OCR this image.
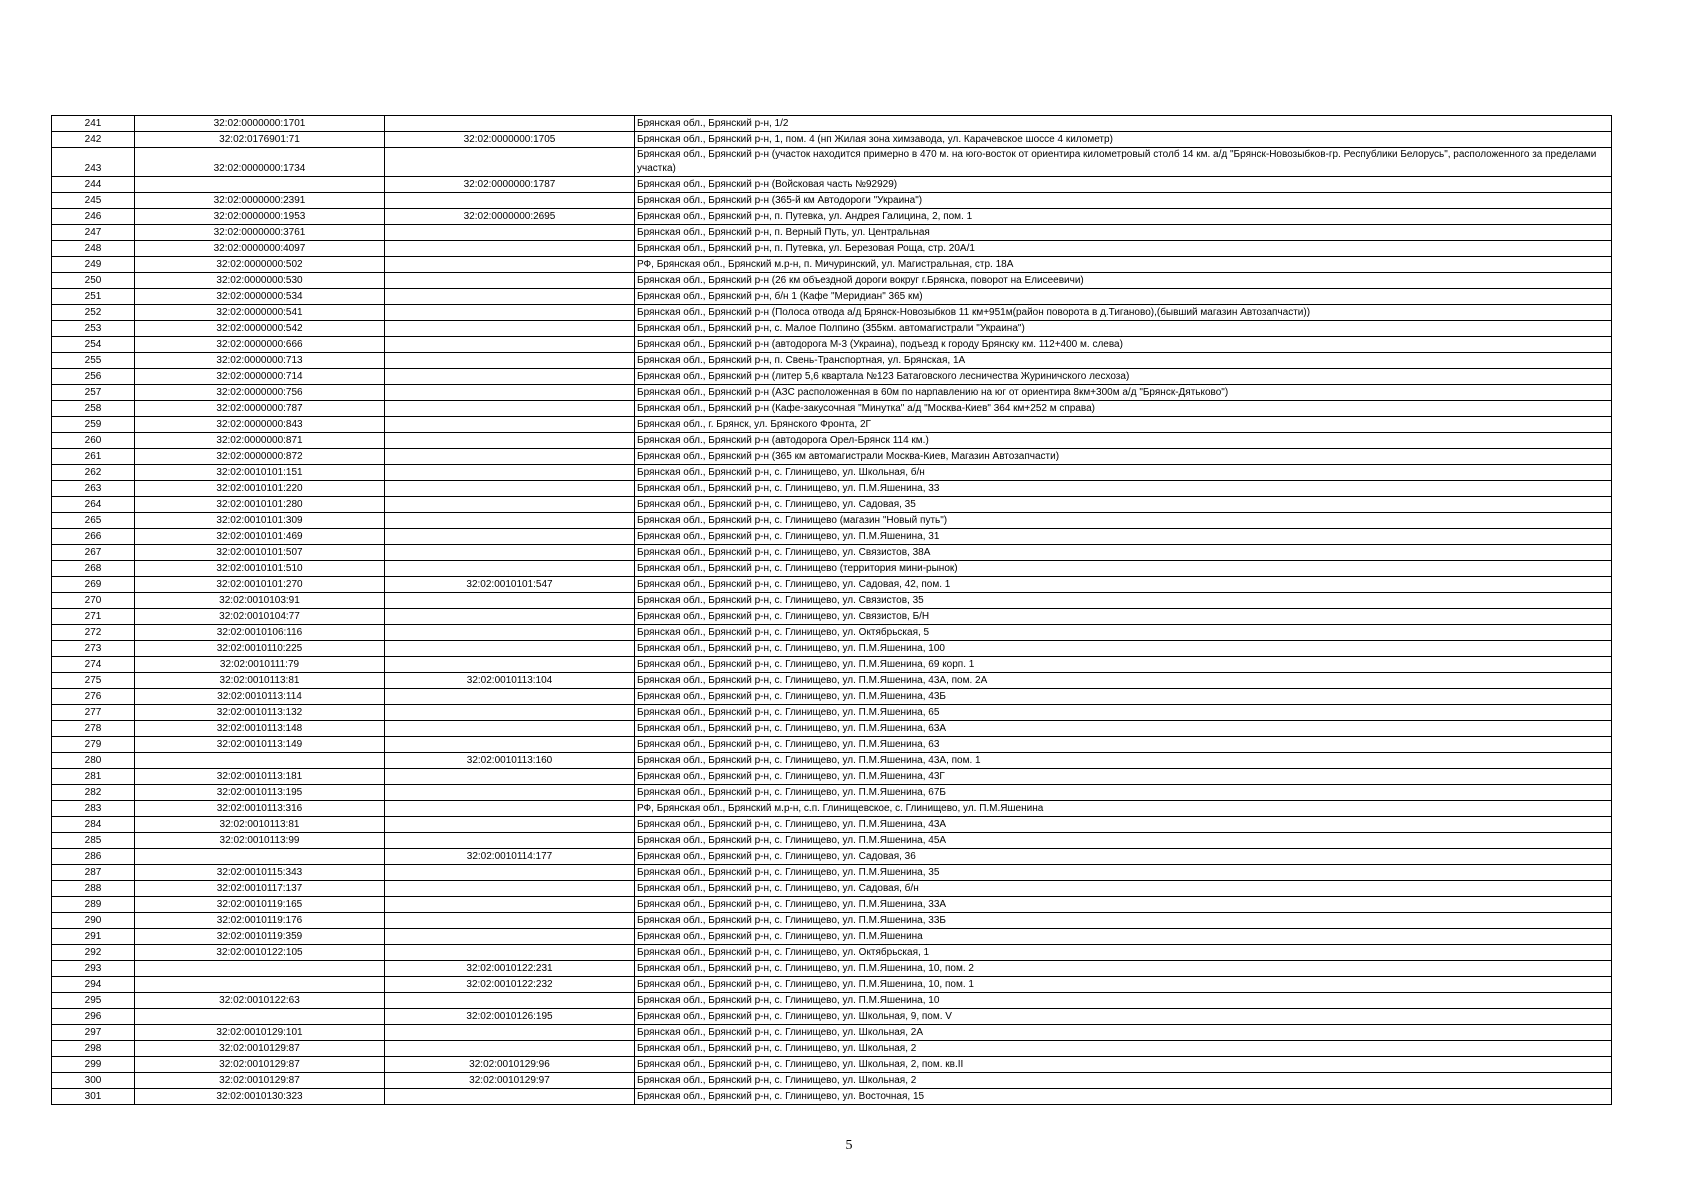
241	32:02:0000000:1701		Брянская обл., Брянский р-н, 1/2
242	32:02:0176901:71	32:02:0000000:1705	Брянская обл., Брянский р-н, 1, пом. 4 (нп Жилая зона химзавода, ул. Карачевское шоссе 4 километр)
243	32:02:0000000:1734		Брянская обл., Брянский р-н (участок находится примерно в 470 м. на юго-восток от ориентира километровый столб 14 км. а/д "Брянск-Новозыбков-гр. Республики Белорусь", расположенного за пределами участка)
244		32:02:0000000:1787	Брянская обл., Брянский р-н (Войсковая часть №92929)
245	32:02:0000000:2391		Брянская обл., Брянский р-н (365-й км Автодороги "Украина")
246	32:02:0000000:1953	32:02:0000000:2695	Брянская обл., Брянский р-н, п. Путевка, ул. Андрея Галицина, 2, пом. 1
247	32:02:0000000:3761		Брянская обл., Брянский р-н, п. Верный Путь, ул. Центральная
248	32:02:0000000:4097		Брянская обл., Брянский р-н, п. Путевка, ул. Березовая Роща, стр. 20А/1
249	32:02:0000000:502		РФ, Брянская обл., Брянский м.р-н, п. Мичуринский, ул. Магистральная, стр. 18А
250	32:02:0000000:530		Брянская обл., Брянский р-н (26 км объездной дороги вокруг г.Брянска, поворот на Елисеевичи)
251	32:02:0000000:534		Брянская обл., Брянский р-н, б/н 1 (Кафе "Меридиан" 365 км)
252	32:02:0000000:541		Брянская обл., Брянский р-н (Полоса отвода а/д Брянск-Новозыбков 11 км+951м(район поворота в д.Тиганово),(бывший магазин Автозапчасти))
253	32:02:0000000:542		Брянская обл., Брянский р-н, с. Малое Полпино (355км. автомагистрали "Украина")
254	32:02:0000000:666		Брянская обл., Брянский р-н (автодорога М-3 (Украина), подъезд к городу Брянску км. 112+400 м. слева)
255	32:02:0000000:713		Брянская обл., Брянский р-н, п. Свень-Транспортная, ул. Брянская, 1А
256	32:02:0000000:714		Брянская обл., Брянский р-н (литер 5,6 квартала №123 Батаговского лесничества Журиничского лесхоза)
257	32:02:0000000:756		Брянская обл., Брянский р-н (АЗС расположенная в 60м по нарпавлению на юг от ориентира 8км+300м а/д "Брянск-Дятьково")
258	32:02:0000000:787		Брянская обл., Брянский р-н (Кафе-закусочная "Минутка" а/д "Москва-Киев" 364 км+252 м справа)
259	32:02:0000000:843		Брянская обл., г. Брянск, ул. Брянского Фронта, 2Г
260	32:02:0000000:871		Брянская обл., Брянский р-н (автодорога Орел-Брянск 114 км.)
261	32:02:0000000:872		Брянская обл., Брянский р-н (365 км автомагистрали Москва-Киев, Магазин Автозапчасти)
262	32:02:0010101:151		Брянская обл., Брянский р-н, с. Глинищево, ул. Школьная, б/н
263	32:02:0010101:220		Брянская обл., Брянский р-н, с. Глинищево, ул. П.М.Яшенина, 33
264	32:02:0010101:280		Брянская обл., Брянский р-н, с. Глинищево, ул. Садовая, 35
265	32:02:0010101:309		Брянская обл., Брянский р-н, с. Глинищево (магазин "Новый путь")
266	32:02:0010101:469		Брянская обл., Брянский р-н, с. Глинищево, ул. П.М.Яшенина, 31
267	32:02:0010101:507		Брянская обл., Брянский р-н, с. Глинищево, ул. Связистов, 38А
268	32:02:0010101:510		Брянская обл., Брянский р-н, с. Глинищево (территория мини-рынок)
269	32:02:0010101:270	32:02:0010101:547	Брянская обл., Брянский р-н, с. Глинищево, ул. Садовая, 42, пом. 1
270	32:02:0010103:91		Брянская обл., Брянский р-н, с. Глинищево, ул. Связистов, 35
271	32:02:0010104:77		Брянская обл., Брянский р-н, с. Глинищево, ул. Связистов, Б/Н
272	32:02:0010106:116		Брянская обл., Брянский р-н, с. Глинищево, ул. Октябрьская, 5
273	32:02:0010110:225		Брянская обл., Брянский р-н, с. Глинищево, ул. П.М.Яшенина, 100
274	32:02:0010111:79		Брянская обл., Брянский р-н, с. Глинищево, ул. П.М.Яшенина, 69 корп. 1
275	32:02:0010113:81	32:02:0010113:104	Брянская обл., Брянский р-н, с. Глинищево, ул. П.М.Яшенина, 43А, пом. 2А
276	32:02:0010113:114		Брянская обл., Брянский р-н, с. Глинищево, ул. П.М.Яшенина, 43Б
277	32:02:0010113:132		Брянская обл., Брянский р-н, с. Глинищево, ул. П.М.Яшенина, 65
278	32:02:0010113:148		Брянская обл., Брянский р-н, с. Глинищево, ул. П.М.Яшенина, 63А
279	32:02:0010113:149		Брянская обл., Брянский р-н, с. Глинищево, ул. П.М.Яшенина, 63
280		32:02:0010113:160	Брянская обл., Брянский р-н, с. Глинищево, ул. П.М.Яшенина, 43А, пом. 1
281	32:02:0010113:181		Брянская обл., Брянский р-н, с. Глинищево, ул. П.М.Яшенина, 43Г
282	32:02:0010113:195		Брянская обл., Брянский р-н, с. Глинищево, ул. П.М.Яшенина, 67Б
283	32:02:0010113:316		РФ, Брянская обл., Брянский м.р-н, с.п. Глинищевское, с. Глинищево, ул. П.М.Яшенина
284	32:02:0010113:81		Брянская обл., Брянский р-н, с. Глинищево, ул. П.М.Яшенина, 43А
285	32:02:0010113:99		Брянская обл., Брянский р-н, с. Глинищево, ул. П.М.Яшенина, 45А
286		32:02:0010114:177	Брянская обл., Брянский р-н, с. Глинищево, ул. Садовая, 36
287	32:02:0010115:343		Брянская обл., Брянский р-н, с. Глинищево, ул. П.М.Яшенина, 35
288	32:02:0010117:137		Брянская обл., Брянский р-н, с. Глинищево, ул. Садовая, б/н
289	32:02:0010119:165		Брянская обл., Брянский р-н, с. Глинищево, ул. П.М.Яшенина, 33А
290	32:02:0010119:176		Брянская обл., Брянский р-н, с. Глинищево, ул. П.М.Яшенина, 33Б
291	32:02:0010119:359		Брянская обл., Брянский р-н, с. Глинищево, ул. П.М.Яшенина
292	32:02:0010122:105		Брянская обл., Брянский р-н, с. Глинищево, ул. Октябрьская, 1
293		32:02:0010122:231	Брянская обл., Брянский р-н, с. Глинищево, ул. П.М.Яшенина, 10, пом. 2
294		32:02:0010122:232	Брянская обл., Брянский р-н, с. Глинищево, ул. П.М.Яшенина, 10, пом. 1
295	32:02:0010122:63		Брянская обл., Брянский р-н, с. Глинищево, ул. П.М.Яшенина, 10
296		32:02:0010126:195	Брянская обл., Брянский р-н, с. Глинищево, ул. Школьная, 9, пом. V
297	32:02:0010129:101		Брянская обл., Брянский р-н, с. Глинищево, ул. Школьная, 2А
298	32:02:0010129:87		Брянская обл., Брянский р-н, с. Глинищево, ул. Школьная, 2
299	32:02:0010129:87	32:02:0010129:96	Брянская обл., Брянский р-н, с. Глинищево, ул. Школьная, 2, пом. кв.II
300	32:02:0010129:87	32:02:0010129:97	Брянская обл., Брянский р-н, с. Глинищево, ул. Школьная, 2
301	32:02:0010130:323		Брянская обл., Брянский р-н, с. Глинищево, ул. Восточная, 15
5
